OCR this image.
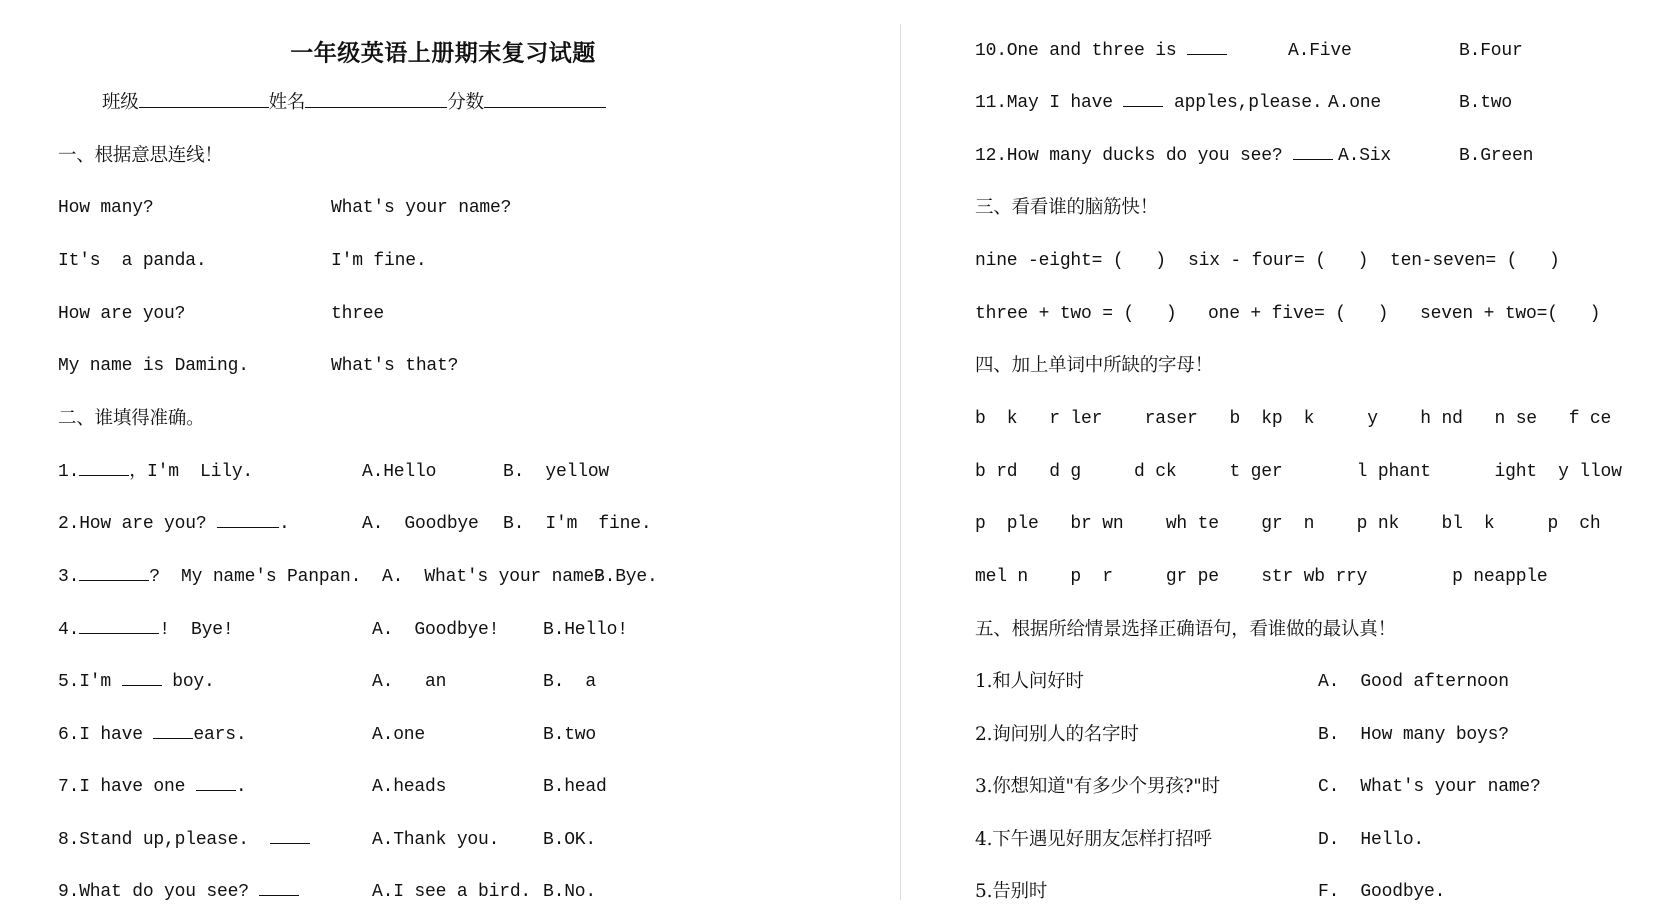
一年级英语上册期末复习试题
班级	姓名	分数
一、根据意思连线！
How many?	What's your name?
It's  a panda.	I'm fine.
How are you?	three
My name is Daming.	What's that?
二、谁填得准确。
1.	，I'm  Lily.	A.Hello	B.  yellow
2.How are you?	.	A.  Goodbye B.  I'm  fine.
3.	?  My name's Panpan. A.  What's your name?
B.Bye.
4.	!  Bye!	A.  Goodbye! B.Hello!
5.I'm  boy.	A.   an	B.  a
6.I have ears.	A.one	B.two
7.I have one .	A.heads	B.head
8.Stand up,please.	A.Thank you. B.OK.
9.What do you see?	A.I see a bird. B.No.
10.One and three is	A.Five	B.Four
11.May I have  apples,please. A.one	B.two
12.How many ducks do you see?	A.Six	B.Green
三、看看谁的脑筋快！
nine -eight= (   ) six - four= (   ) ten-seven= (   )
three + two = (   ) one + five= (   ) seven + two=(   )
四、加上单词中所缺的字母！
b  k   r ler    raser   b  kp  k     y    h nd   n se   f ce
b rd   d g     d ck     t ger       l phant      ight  y llow
p  ple   br wn    wh te    gr  n    p nk    bl  k     p  ch
mel n    p  r     gr pe    str wb rry        p neapple
五、根据所给情景选择正确语句，看谁做的最认真！
1.和人问好时	A.  Good afternoon
2.询问别人的名字时	B.  How many boys?
3.你想知道"有多少个男孩?"时	C.  What's your name?
4.下午遇见好朋友怎样打招呼	D.  Hello.
5.告别时	F.  Goodbye.
